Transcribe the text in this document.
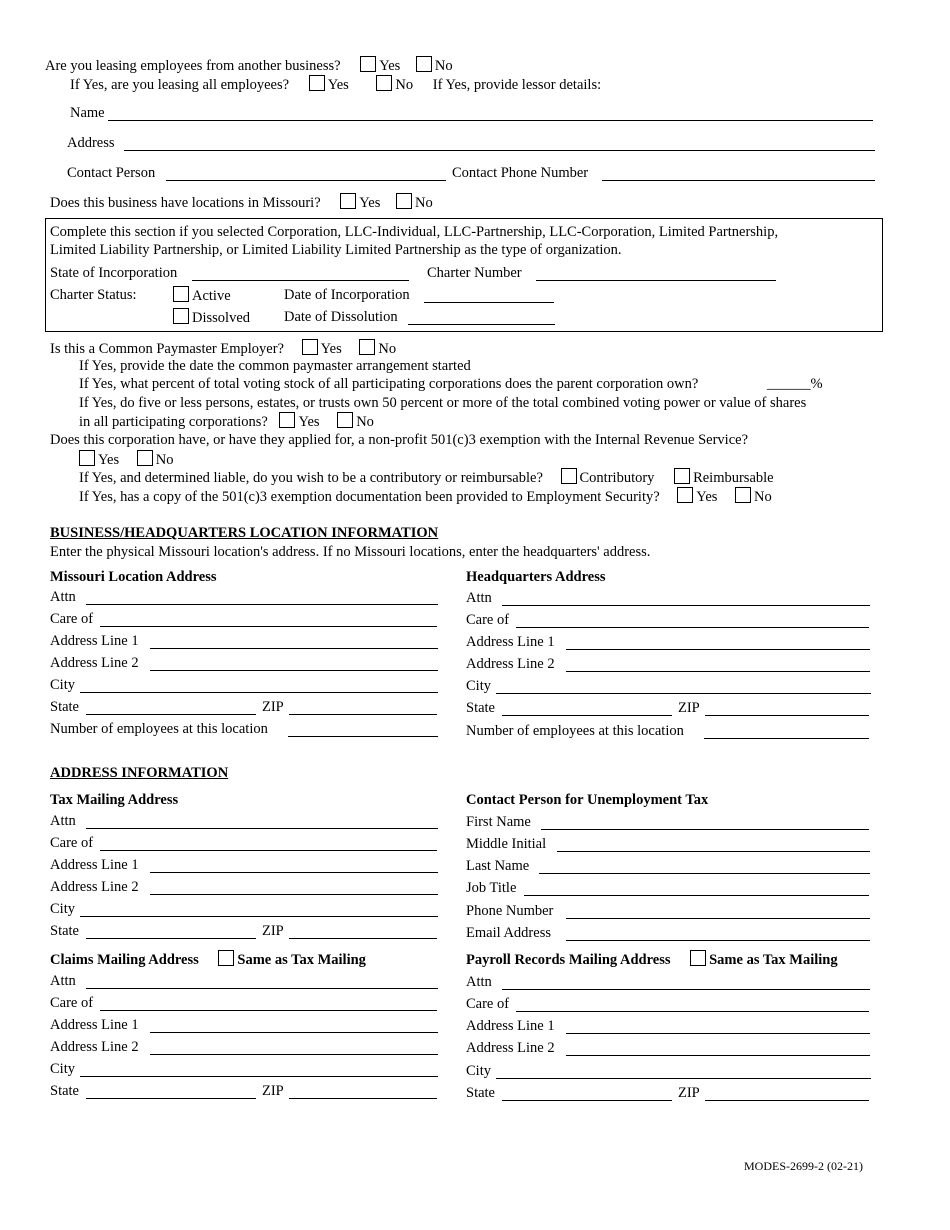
Are you leasing employees from another business?	Yes No
If Yes, are you leasing all employees?	Yes	No If Yes, provide lessor details:
Name
Address
Contact Person	Contact Phone Number
Does this business have locations in Missouri?	Yes No
Complete this section if you selected Corporation, LLC-Individual, LLC-Partnership, LLC-Corporation, Limited Partnership,
Limited Liability Partnership, or Limited Liability Limited Partnership as the type of organization.
State of Incorporation	Charter Number
Charter Status:	Active	Date of Incorporation
Dissolved Date of Dissolution
Is this a Common Paymaster Employer?	Yes	No
If Yes, provide the date the common paymaster arrangement started
If Yes, what percent of total voting stock of all participating corporations does the parent corporation own?	______%
If Yes, do five or less persons, estates, or trusts own 50 percent or more of the total combined voting power or value of shares
in all participating corporations? Yes	No
Does this corporation have, or have they applied for, a non-profit 501(c)3 exemption with the Internal Revenue Service?
Yes	No
If Yes, and determined liable, do you wish to be a contributory or reimbursable?	Contributory	Reimbursable
If Yes, has a copy of the 501(c)3 exemption documentation been provided to Employment Security?	Yes	No
BUSINESS/HEADQUARTERS LOCATION INFORMATION
Enter the physical Missouri location's address. If no Missouri locations, enter the headquarters' address.
Missouri Location Address	Headquarters Address
Attn
Care of
Address Line 1
Address Line 2
City
State	ZIP
Number of employees at this location
Attn
Care of
Address Line 1
Address Line 2
City
State	ZIP
Number of employees at this location
ADDRESS INFORMATION
Tax Mailing Address	Contact Person for Unemployment Tax
Attn
Care of
Address Line 1
Address Line 2
City
State	ZIP
First Name
Middle Initial
Last Name
Job Title
Phone Number
Email Address
Claims Mailing Address	Same as Tax Mailing	Payroll Records Mailing Address	Same as Tax Mailing
Attn
Care of
Address Line 1
Address Line 2
City
State	ZIP
Attn
Care of
Address Line 1
Address Line 2
City
State	ZIP
MODES-2699-2 (02-21)
